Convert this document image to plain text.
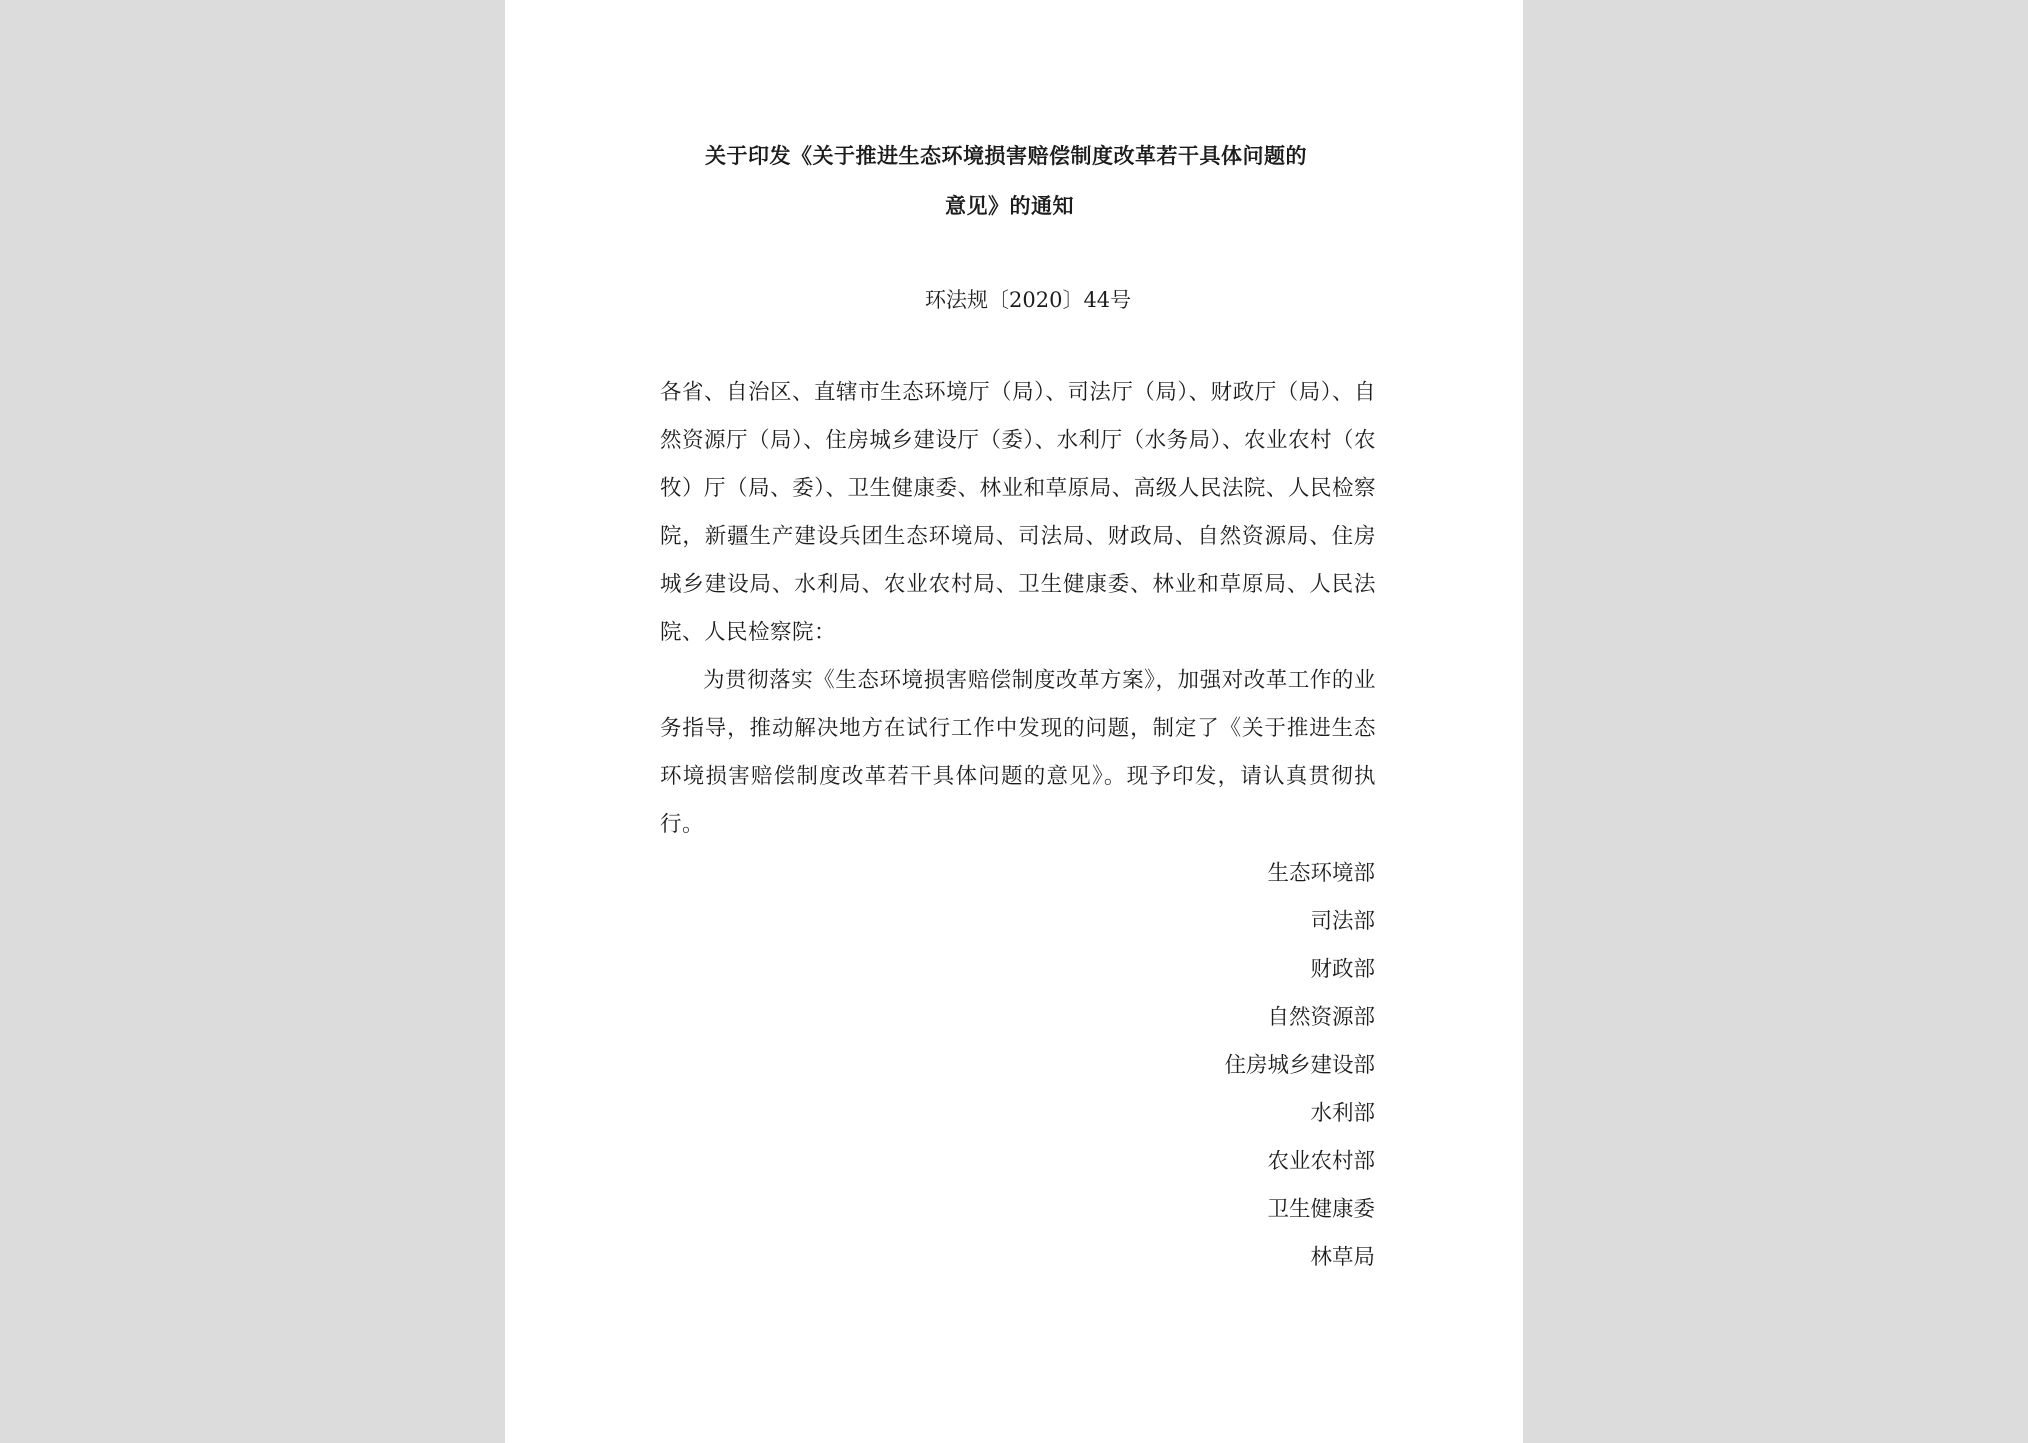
关于印发《关于推进生态环境损害赔偿制度改革若干具体问题的
意见》的通知
环法规〔2020〕44号
各省、自治区、直辖市生态环境厅（局）、司法厅（局）、财政厅（局）、自然资源厅（局）、住房城乡建设厅（委）、水利厅（水务局）、农业农村（农牧）厅（局、委）、卫生健康委、林业和草原局、高级人民法院、人民检察院，新疆生产建设兵团生态环境局、司法局、财政局、自然资源局、住房城乡建设局、水利局、农业农村局、卫生健康委、林业和草原局、人民法院、人民检察院：
为贯彻落实《生态环境损害赔偿制度改革方案》，加强对改革工作的业务指导，推动解决地方在试行工作中发现的问题，制定了《关于推进生态环境损害赔偿制度改革若干具体问题的意见》。现予印发，请认真贯彻执行。
生态环境部
司法部
财政部
自然资源部
住房城乡建设部
水利部
农业农村部
卫生健康委
林草局
